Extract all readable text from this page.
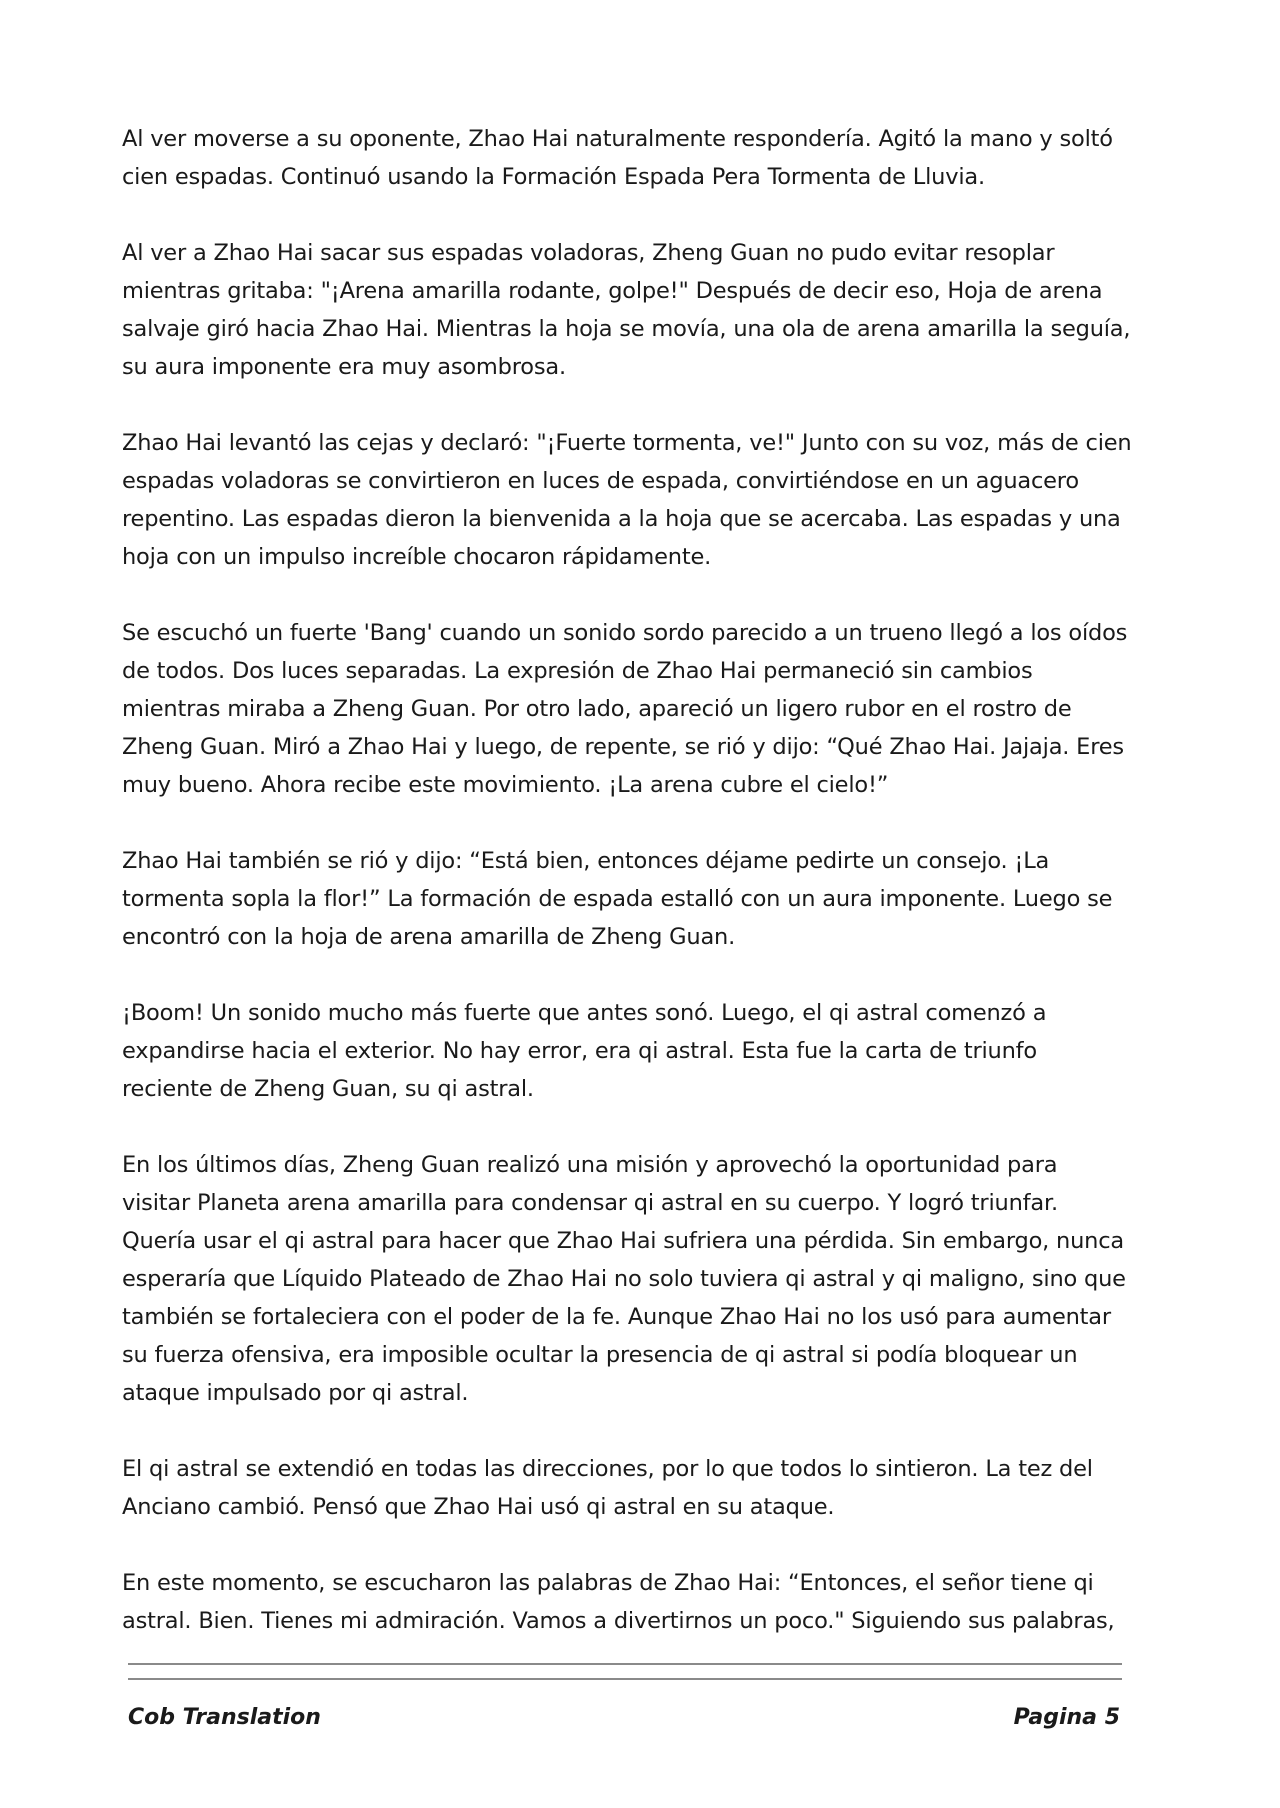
Al ver moverse a su oponente, Zhao Hai naturalmente respondería. Agitó la mano y soltó cien espadas. Continuó usando la Formación Espada Pera Tormenta de Lluvia.

Al ver a Zhao Hai sacar sus espadas voladoras, Zheng Guan no pudo evitar resoplar mientras gritaba: "¡Arena amarilla rodante, golpe!" Después de decir eso, Hoja de arena salvaje giró hacia Zhao Hai. Mientras la hoja se movía, una ola de arena amarilla la seguía, su aura imponente era muy asombrosa.

Zhao Hai levantó las cejas y declaró: "¡Fuerte tormenta, ve!" Junto con su voz, más de cien espadas voladoras se convirtieron en luces de espada, convirtiéndose en un aguacero repentino. Las espadas dieron la bienvenida a la hoja que se acercaba. Las espadas y una hoja con un impulso increíble chocaron rápidamente.

Se escuchó un fuerte 'Bang' cuando un sonido sordo parecido a un trueno llegó a los oídos de todos. Dos luces separadas. La expresión de Zhao Hai permaneció sin cambios mientras miraba a Zheng Guan. Por otro lado, apareció un ligero rubor en el rostro de Zheng Guan. Miró a Zhao Hai y luego, de repente, se rió y dijo: “Qué Zhao Hai. Jajaja. Eres muy bueno. Ahora recibe este movimiento. ¡La arena cubre el cielo!”

Zhao Hai también se rió y dijo: “Está bien, entonces déjame pedirte un consejo. ¡La tormenta sopla la flor!” La formación de espada estalló con un aura imponente. Luego se encontró con la hoja de arena amarilla de Zheng Guan.

¡Boom! Un sonido mucho más fuerte que antes sonó. Luego, el qi astral comenzó a expandirse hacia el exterior. No hay error, era qi astral. Esta fue la carta de triunfo reciente de Zheng Guan, su qi astral.

En los últimos días, Zheng Guan realizó una misión y aprovechó la oportunidad para visitar Planeta arena amarilla para condensar qi astral en su cuerpo. Y logró triunfar. Quería usar el qi astral para hacer que Zhao Hai sufriera una pérdida. Sin embargo, nunca esperaría que Líquido Plateado de Zhao Hai no solo tuviera qi astral y qi maligno, sino que también se fortaleciera con el poder de la fe. Aunque Zhao Hai no los usó para aumentar su fuerza ofensiva, era imposible ocultar la presencia de qi astral si podía bloquear un ataque impulsado por qi astral.

El qi astral se extendió en todas las direcciones, por lo que todos lo sintieron. La tez del Anciano cambió. Pensó que Zhao Hai usó qi astral en su ataque.

En este momento, se escucharon las palabras de Zhao Hai: “Entonces, el señor tiene qi astral. Bien. Tienes mi admiración. Vamos a divertirnos un poco." Siguiendo sus palabras,

Cob Translation	Pagina 5
